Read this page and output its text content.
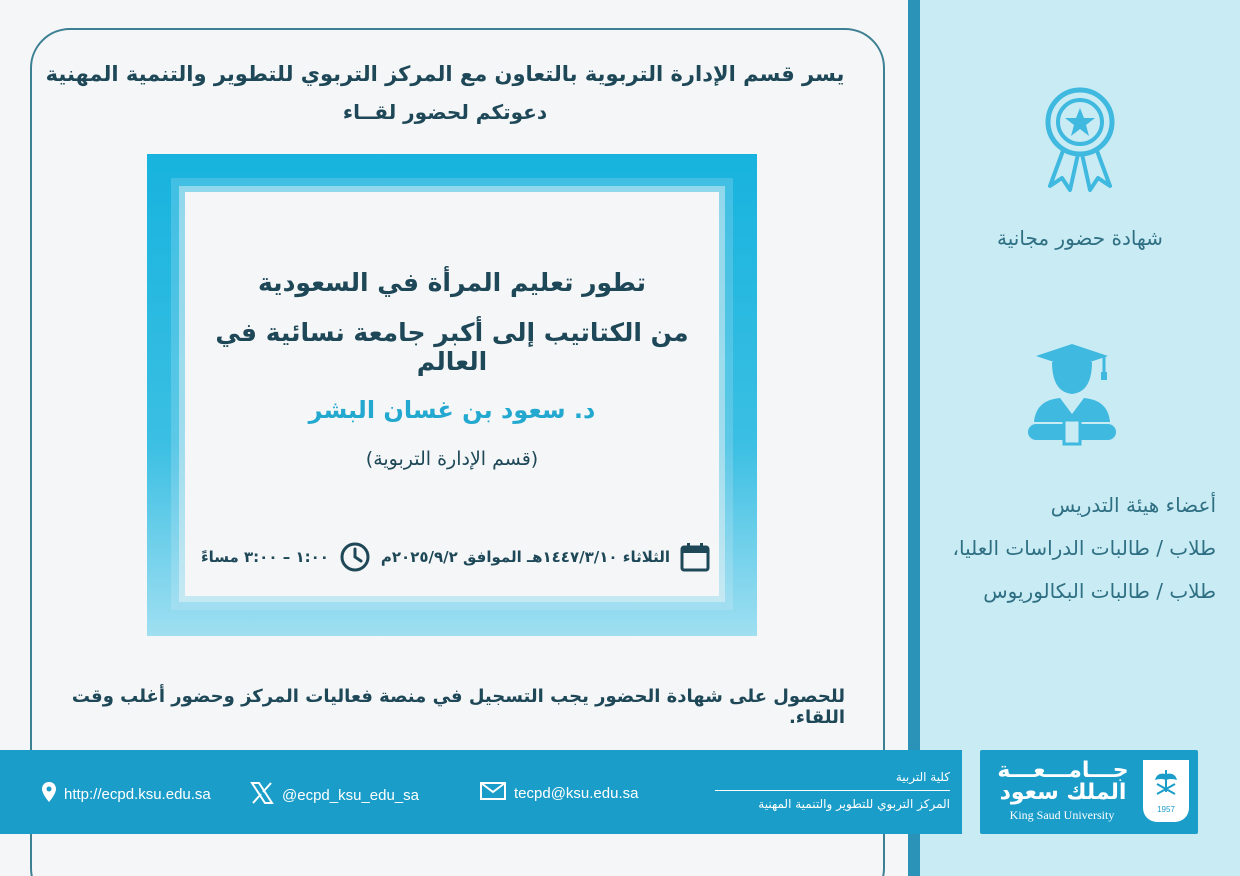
يسر قسم الإدارة التربوية بالتعاون مع المركز التربوي للتطوير والتنمية المهنية
دعوتكم لحضور لقــاء
تطور تعليم المرأة في السعودية
من الكتاتيب إلى أكبر جامعة نسائية في العالم
د. سعود بن غسان البشر
(قسم الإدارة التربوية)
الثلاثاء ١٤٤٧/٣/١٠هـ الموافق ٢٠٢٥/٩/٢م
١:٠٠ – ٣:٠٠ مساءً
للحصول على شهادة الحضور يجب التسجيل في منصة فعاليات المركز وحضور أغلب وقت اللقاء.
شهادة حضور مجانية
أعضاء هيئة التدريس
طلاب / طالبات الدراسات العليا،
طلاب / طالبات البكالوريوس
http://ecpd.ksu.edu.sa	@ecpd_ksu_edu_sa	tecpd@ksu.edu.sa
كلية التربية
المركز التربوي للتطوير والتنمية المهنية
جـــامـــعـــة
الملك سعود
King Saud University	1957
